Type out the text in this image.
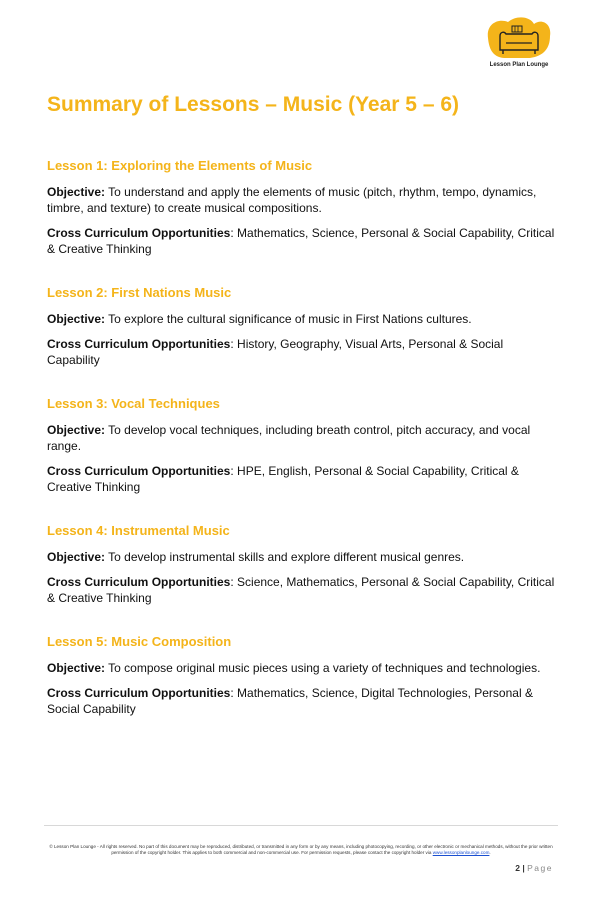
Lesson Plan Lounge
Summary of Lessons – Music (Year 5 – 6)
Lesson 1: Exploring the Elements of Music

Objective: To understand and apply the elements of music (pitch, rhythm, tempo, dynamics, timbre, and texture) to create musical compositions.

Cross Curriculum Opportunities: Mathematics, Science, Personal & Social Capability, Critical & Creative Thinking

Lesson 2: First Nations Music

Objective: To explore the cultural significance of music in First Nations cultures.

Cross Curriculum Opportunities: History, Geography, Visual Arts, Personal & Social Capability

Lesson 3: Vocal Techniques

Objective: To develop vocal techniques, including breath control, pitch accuracy, and vocal range.

Cross Curriculum Opportunities: HPE, English, Personal & Social Capability, Critical & Creative Thinking

Lesson 4: Instrumental Music

Objective: To develop instrumental skills and explore different musical genres.

Cross Curriculum Opportunities: Science, Mathematics, Personal & Social Capability, Critical & Creative Thinking

Lesson 5: Music Composition

Objective: To compose original music pieces using a variety of techniques and technologies.

Cross Curriculum Opportunities: Mathematics, Science, Digital Technologies, Personal & Social Capability

© Lesson Plan Lounge - All rights reserved. No part of this document may be reproduced, distributed, or transmitted in any form or by any means, including photocopying, recording, or other electronic or mechanical methods, without the prior written permission of the copyright holder. This applies to both commercial and non-commercial use. For permission requests, please contact the copyright holder via www.lessonplanlounge.com.
2 | Page
